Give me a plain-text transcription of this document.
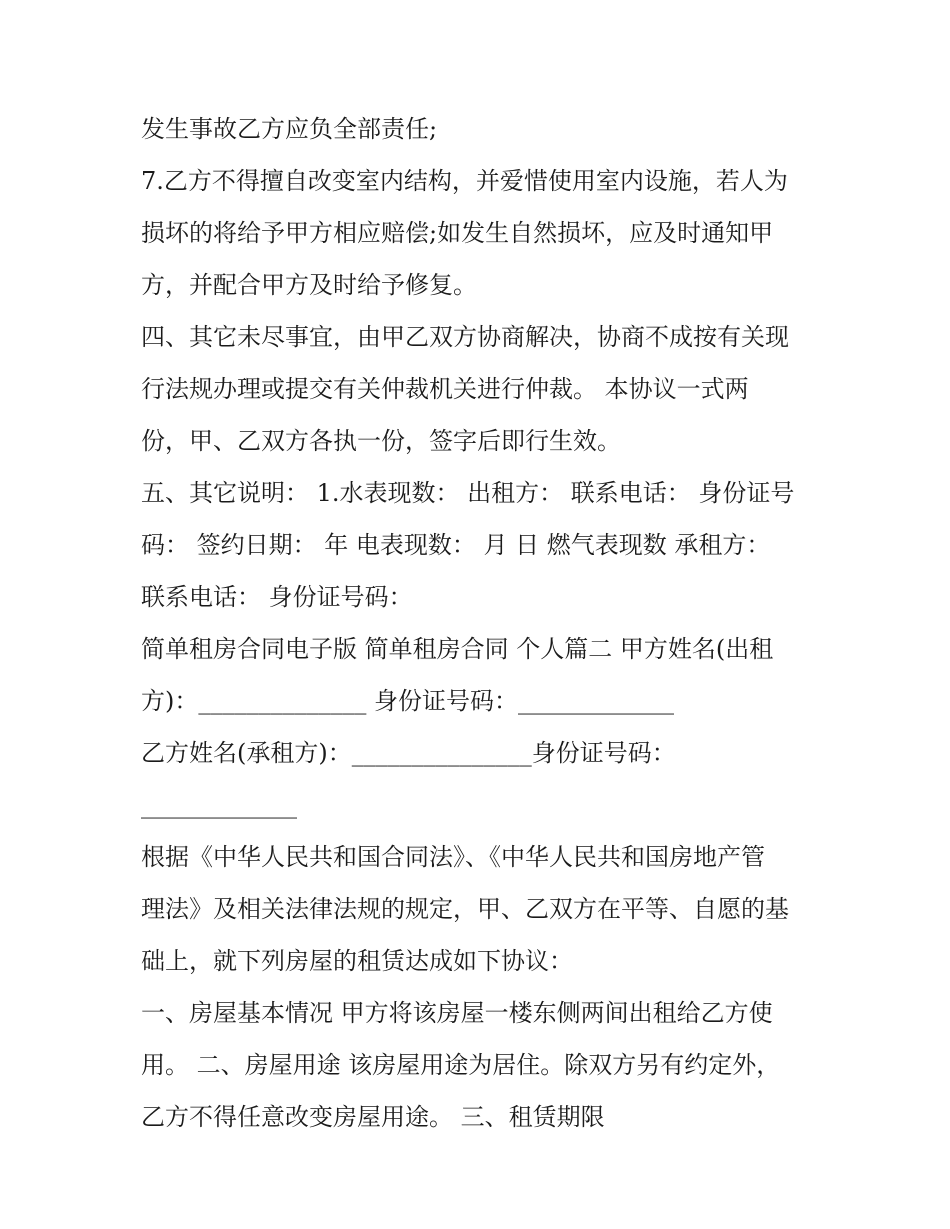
发生事故乙方应负全部责任;
7.乙方不得擅自改变室内结构，并爱惜使用室内设施，若人为
损坏的将给予甲方相应赔偿;如发生自然损坏，应及时通知甲
方，并配合甲方及时给予修复。
四、其它未尽事宜，由甲乙双方协商解决，协商不成按有关现
行法规办理或提交有关仲裁机关进行仲裁。 本协议一式两
份，甲、乙双方各执一份，签字后即行生效。
五、其它说明： 1.水表现数： 出租方： 联系电话： 身份证号
码： 签约日期： 年 电表现数： 月 日 燃气表现数 承租方：
联系电话： 身份证号码：
简单租房合同电子版 简单租房合同 个人篇二 甲方姓名(出租
方)：______________ 身份证号码：_____________
乙方姓名(承租方)：_______________身份证号码：
_____________
根据《中华人民共和国合同法》、《中华人民共和国房地产管
理法》及相关法律法规的规定，甲、乙双方在平等、自愿的基
础上，就下列房屋的租赁达成如下协议：
一、房屋基本情况 甲方将该房屋一楼东侧两间出租给乙方使
用。 二、房屋用途 该房屋用途为居住。除双方另有约定外，
乙方不得任意改变房屋用途。 三、租赁期限
